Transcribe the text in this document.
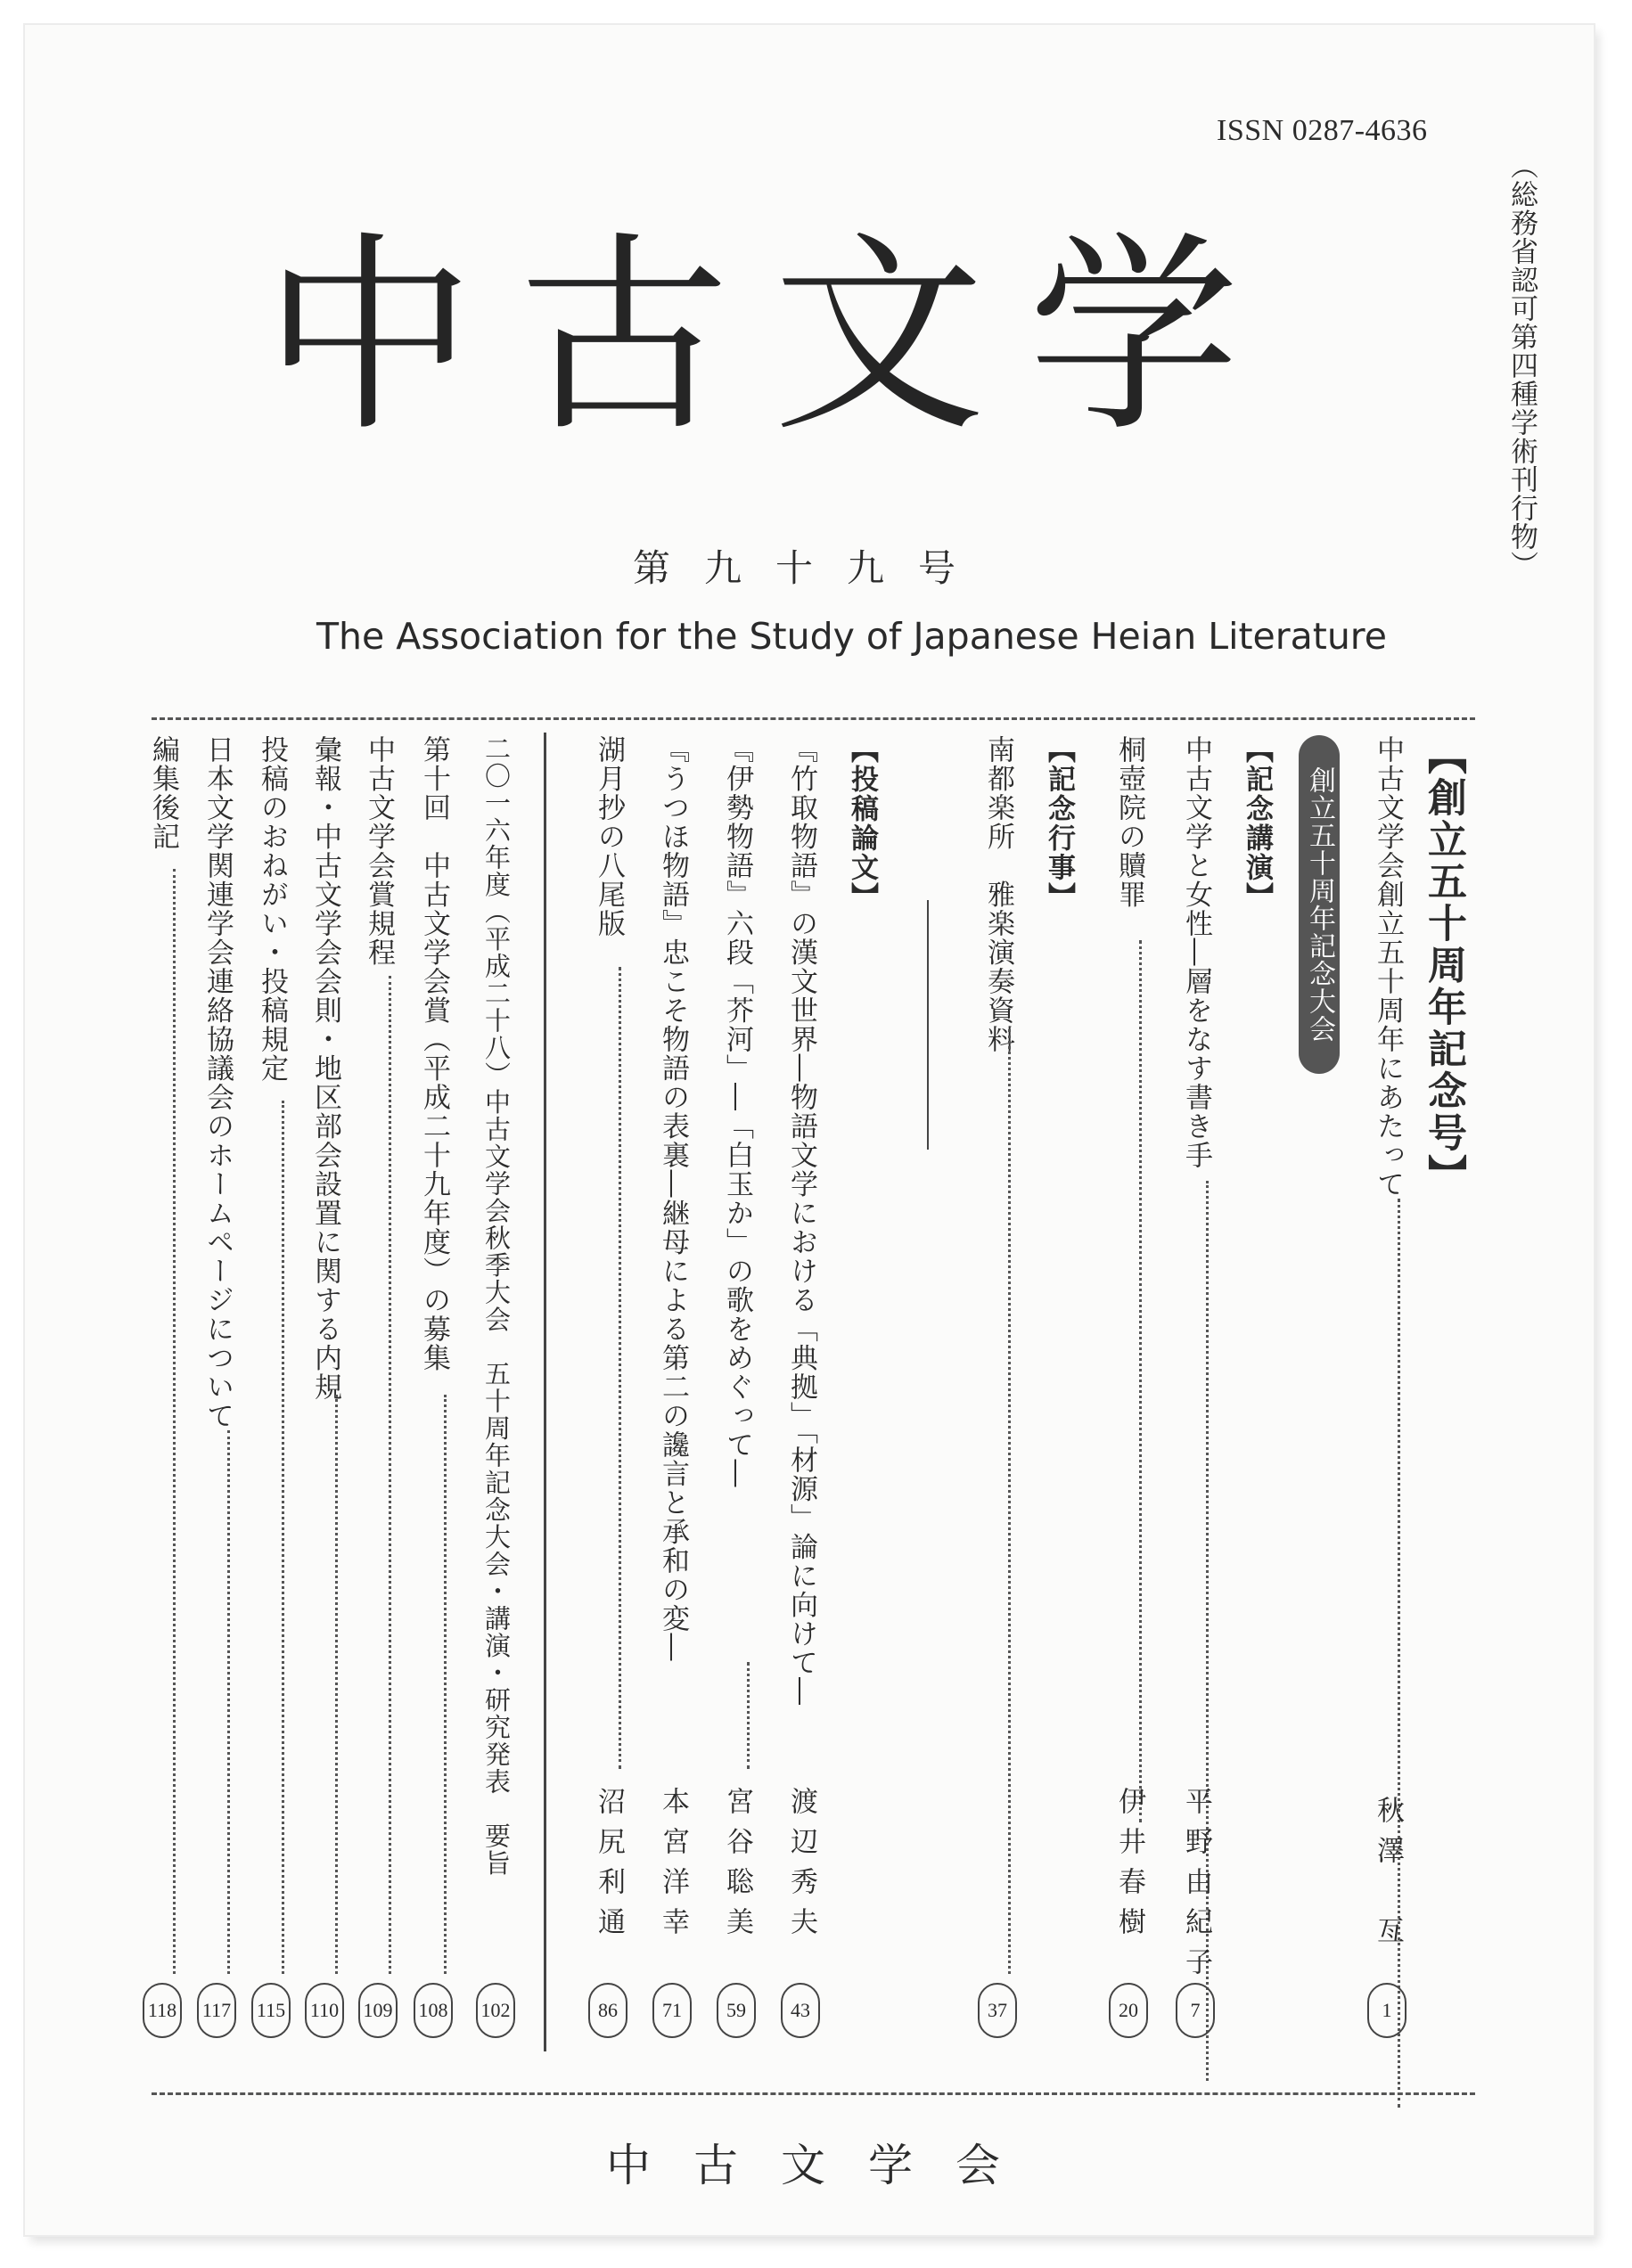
ISSN 0287-4636
（総務省認可第四種学術刊行物）
中古文学
第九十九号
The Association for the Study of Japanese Heian Literature
【創立五十周年記念号】
創立五十周年記念大会
【記念講演】
【記念行事】
【投稿論文】	中古文学会創立五十周年にあたって
秋澤　亙
1
中古文学と女性―層をなす書き手
平野由紀子
7
桐壺院の贖罪
伊井春樹
20
南都楽所　雅楽演奏資料
37
『竹取物語』の漢文世界―物語文学における「典拠」「材源」論に向けて―
渡辺秀夫
43
『伊勢物語』六段「芥河」―「白玉か」の歌をめぐって―
宮谷聡美
59
『うつほ物語』忠こそ物語の表裏―継母による第二の讒言と承和の変―
本宮洋幸
71
湖月抄の八尾版
沼尻利通
86
二〇一六年度（平成二十八）中古文学会秋季大会　五十周年記念大会・講演・研究発表　要旨
102
第十回　中古文学会賞（平成二十九年度）の募集
108
中古文学会賞規程
109
彙報・中古文学会会則・地区部会設置に関する内規
110
投稿のおねがい・投稿規定
115
日本文学関連学会連絡協議会のホームページについて
117
編集後記
118
中古文学会
